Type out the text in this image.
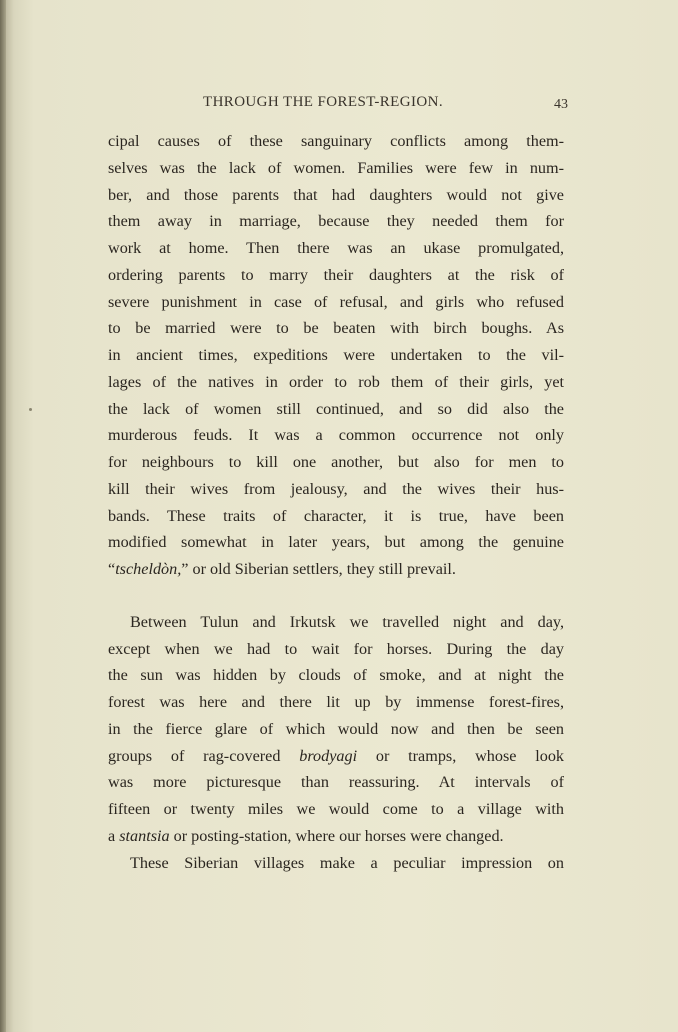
THROUGH THE FOREST-REGION.	43
cipal causes of these sanguinary conflicts among them-
selves was the lack of women. Families were few in num-
ber, and those parents that had daughters would not give
them away in marriage, because they needed them for
work at home. Then there was an ukase promulgated,
ordering parents to marry their daughters at the risk of
severe punishment in case of refusal, and girls who refused
to be married were to be beaten with birch boughs. As
in ancient times, expeditions were undertaken to the vil-
lages of the natives in order to rob them of their girls, yet
the lack of women still continued, and so did also the
murderous feuds. It was a common occurrence not only
for neighbours to kill one another, but also for men to
kill their wives from jealousy, and the wives their hus-
bands. These traits of character, it is true, have been
modified somewhat in later years, but among the genuine
“tscheldòn,” or old Siberian settlers, they still prevail.
Between Tulun and Irkutsk we travelled night and day,
except when we had to wait for horses. During the day
the sun was hidden by clouds of smoke, and at night the
forest was here and there lit up by immense forest-fires,
in the fierce glare of which would now and then be seen
groups of rag-covered brodyagi or tramps, whose look
was more picturesque than reassuring. At intervals of
fifteen or twenty miles we would come to a village with
a stantsia or posting-station, where our horses were changed.
These Siberian villages make a peculiar impression on
